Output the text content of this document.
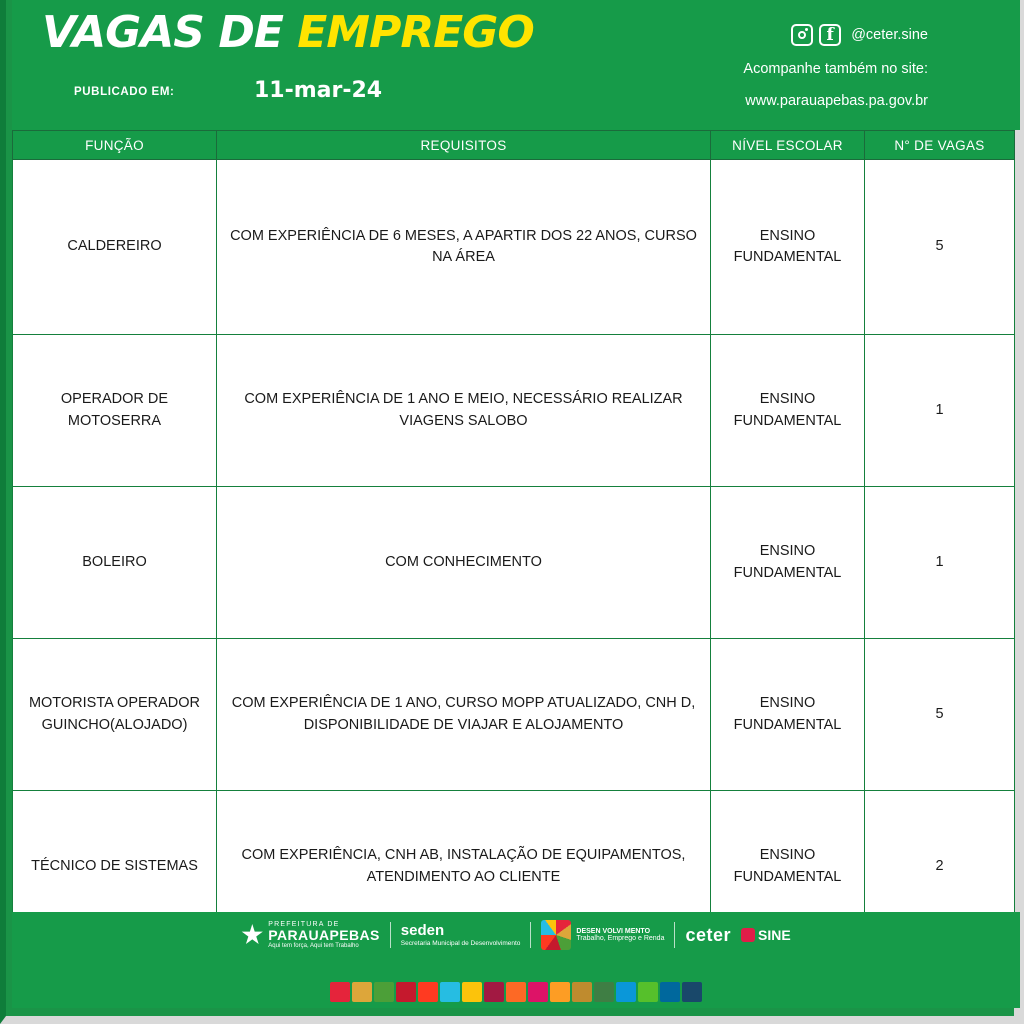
VAGAS DE EMPREGO
PUBLICADO EM:	11-mar-24
f	@ceter.sine
Acompanhe também no site:
www.parauapebas.pa.gov.br
FUNÇÃO	REQUISITOS	NÍVEL ESCOLAR	N° DE VAGAS
CALDEREIRO	COM EXPERIÊNCIA DE 6 MESES, A APARTIR DOS 22 ANOS, CURSO NA ÁREA	ENSINO FUNDAMENTAL	5
OPERADOR DE MOTOSERRA	COM EXPERIÊNCIA DE 1 ANO E MEIO, NECESSÁRIO REALIZAR VIAGENS SALOBO	ENSINO FUNDAMENTAL	1
BOLEIRO	COM CONHECIMENTO	ENSINO FUNDAMENTAL	1
MOTORISTA OPERADOR GUINCHO(ALOJADO)	COM EXPERIÊNCIA DE 1 ANO, CURSO MOPP ATUALIZADO, CNH D, DISPONIBILIDADE DE VIAJAR E ALOJAMENTO	ENSINO FUNDAMENTAL	5
TÉCNICO DE SISTEMAS	COM EXPERIÊNCIA, CNH AB, INSTALAÇÃO DE EQUIPAMENTOS, ATENDIMENTO AO CLIENTE	ENSINO FUNDAMENTAL	2
PREFEITURA DE
PARAUAPEBAS
Aqui tem força, Aqui tem Trabalho
seden
Secretaria Municipal de Desenvolvimento
DESEN VOLVI MENTO
Trabalho, Emprego e Renda ceter SINE
